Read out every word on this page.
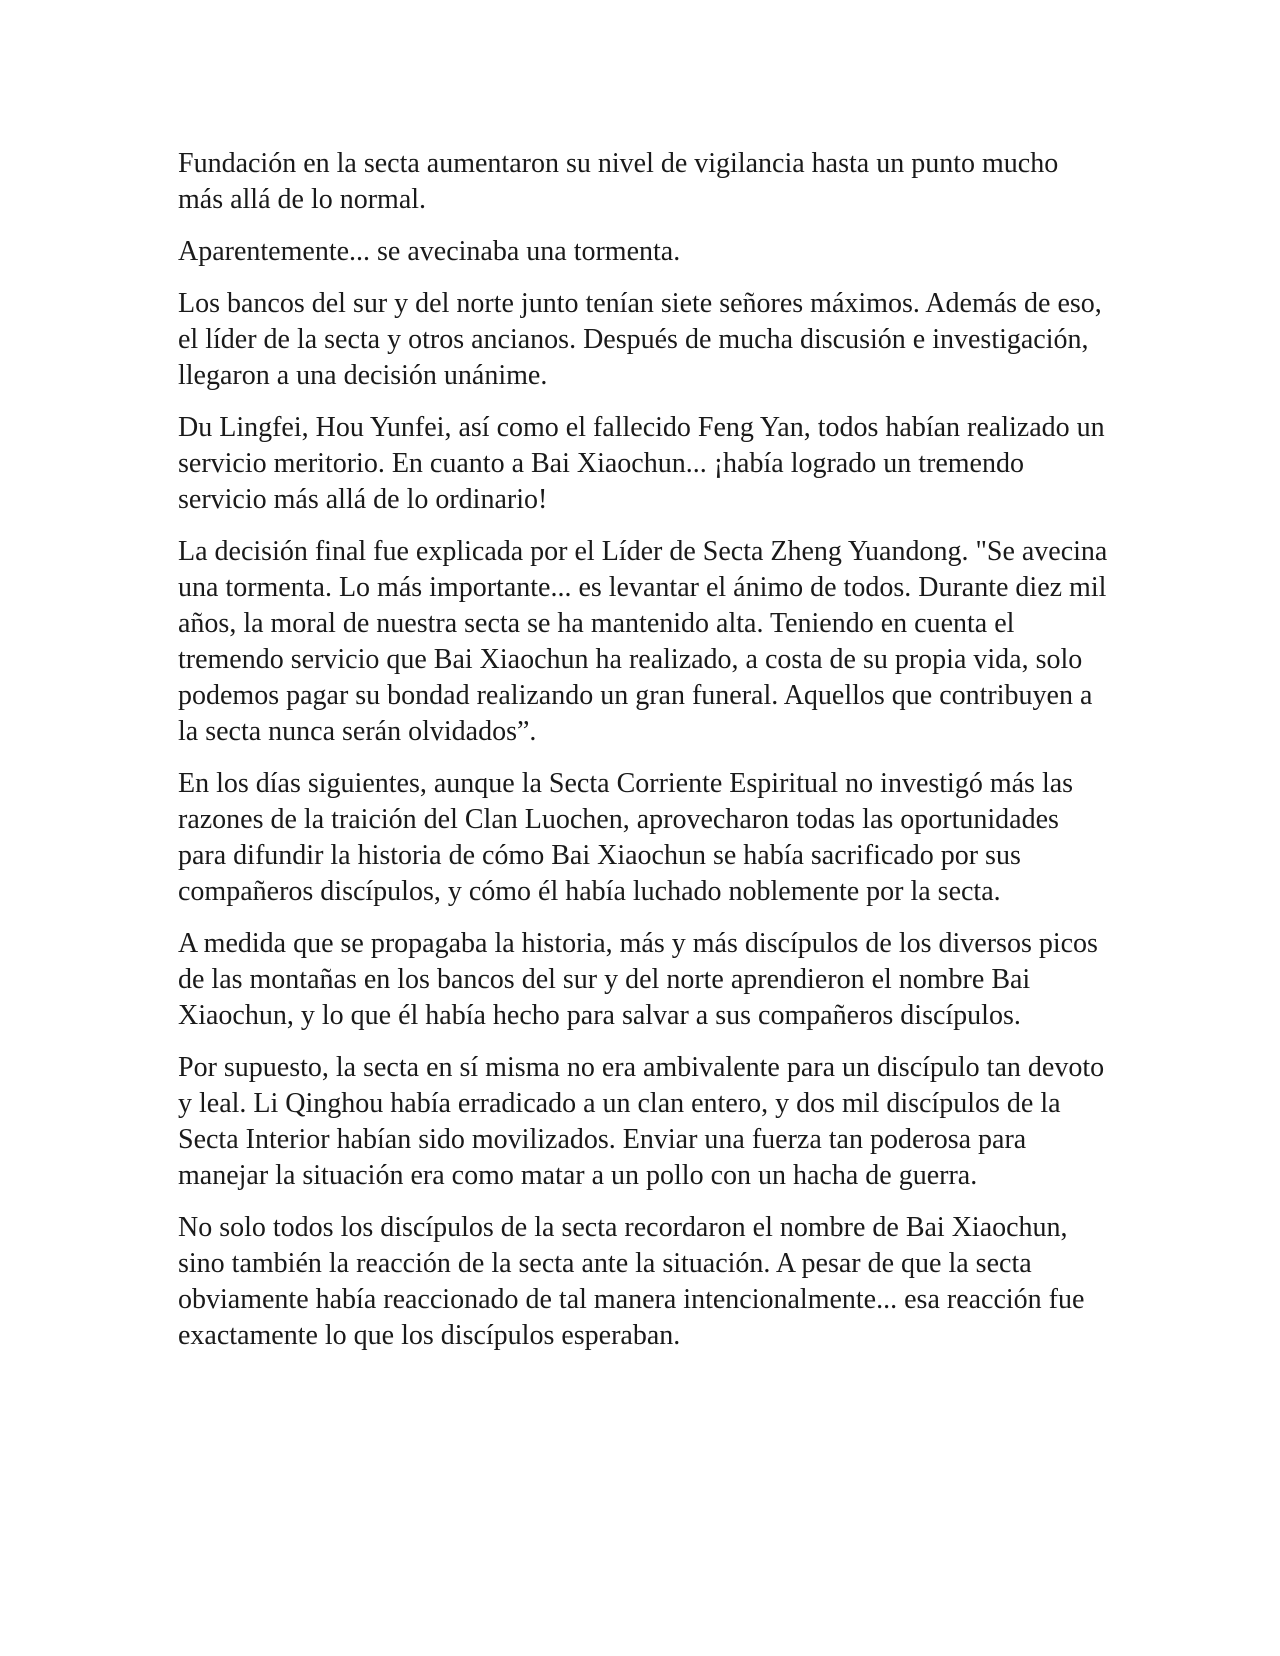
Fundación en la secta aumentaron su nivel de vigilancia hasta un punto mucho más allá de lo normal.

Aparentemente... se avecinaba una tormenta.

Los bancos del sur y del norte junto tenían siete señores máximos. Además de eso, el líder de la secta y otros ancianos. Después de mucha discusión e investigación, llegaron a una decisión unánime.

Du Lingfei, Hou Yunfei, así como el fallecido Feng Yan, todos habían realizado un servicio meritorio. En cuanto a Bai Xiaochun... ¡había logrado un tremendo servicio más allá de lo ordinario!

La decisión final fue explicada por el Líder de Secta Zheng Yuandong. "Se avecina una tormenta. Lo más importante... es levantar el ánimo de todos. Durante diez mil años, la moral de nuestra secta se ha mantenido alta. Teniendo en cuenta el tremendo servicio que Bai Xiaochun ha realizado, a costa de su propia vida, solo podemos pagar su bondad realizando un gran funeral. Aquellos que contribuyen a la secta nunca serán olvidados”.

En los días siguientes, aunque la Secta Corriente Espiritual no investigó más las razones de la traición del Clan Luochen, aprovecharon todas las oportunidades para difundir la historia de cómo Bai Xiaochun se había sacrificado por sus compañeros discípulos, y cómo él había luchado noblemente por la secta.

A medida que se propagaba la historia, más y más discípulos de los diversos picos de las montañas en los bancos del sur y del norte aprendieron el nombre Bai Xiaochun, y lo que él había hecho para salvar a sus compañeros discípulos.

Por supuesto, la secta en sí misma no era ambivalente para un discípulo tan devoto y leal. Li Qinghou había erradicado a un clan entero, y dos mil discípulos de la Secta Interior habían sido movilizados. Enviar una fuerza tan poderosa para manejar la situación era como matar a un pollo con un hacha de guerra.

No solo todos los discípulos de la secta recordaron el nombre de Bai Xiaochun, sino también la reacción de la secta ante la situación. A pesar de que la secta obviamente había reaccionado de tal manera intencionalmente... esa reacción fue exactamente lo que los discípulos esperaban.
